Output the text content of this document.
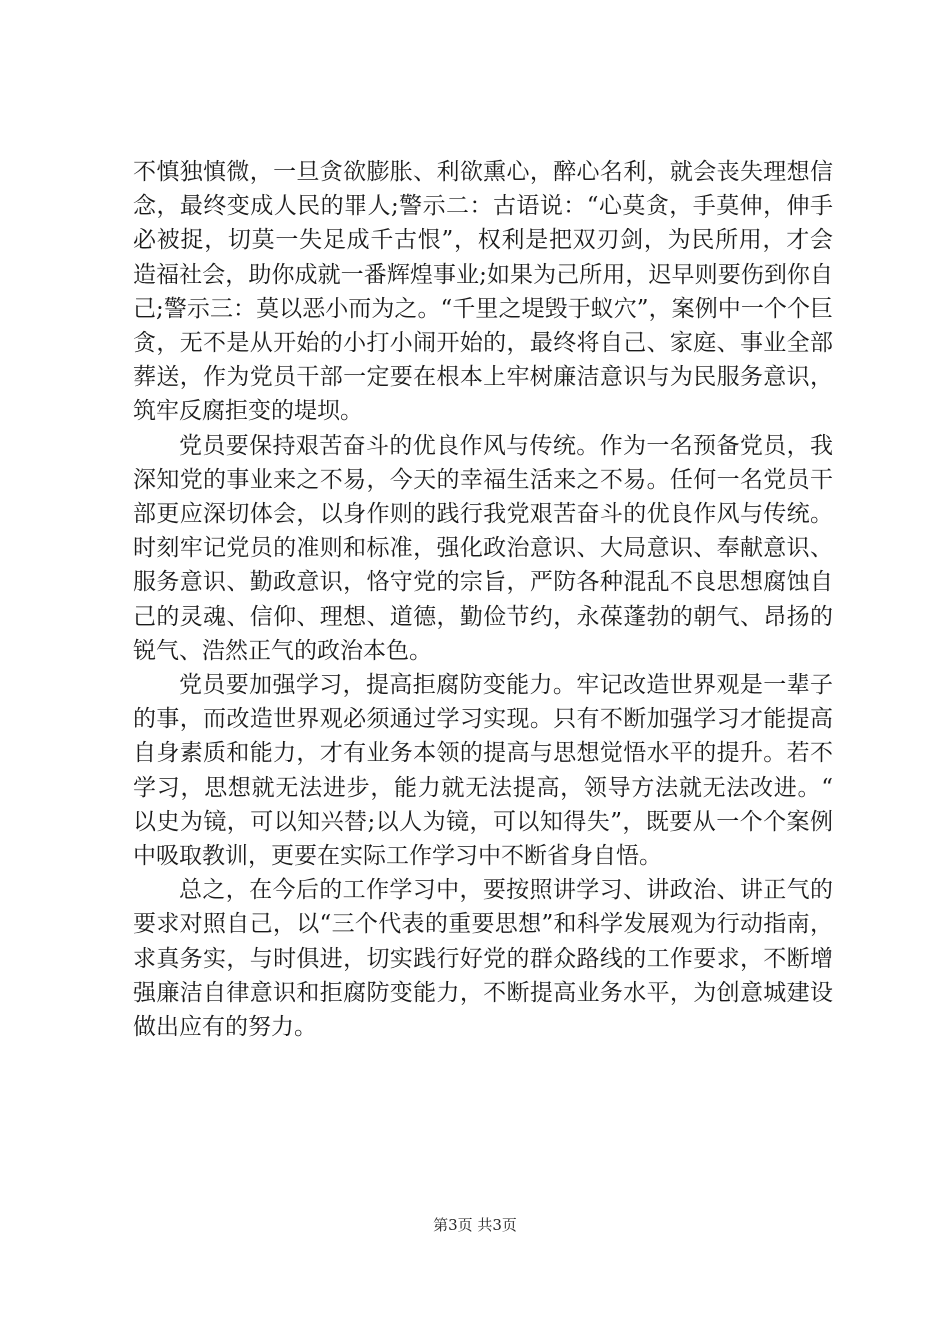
不慎独慎微，一旦贪欲膨胀、利欲熏心，醉心名利，就会丧失理想信念，最终变成人民的罪人;警示二：古语说：“心莫贪，手莫伸，伸手必被捉，切莫一失足成千古恨”，权利是把双刃剑，为民所用，才会造福社会，助你成就一番辉煌事业;如果为己所用，迟早则要伤到你自己;警示三：莫以恶小而为之。“千里之堤毁于蚁穴”，案例中一个个巨贪，无不是从开始的小打小闹开始的，最终将自己、家庭、事业全部葬送，作为党员干部一定要在根本上牢树廉洁意识与为民服务意识，筑牢反腐拒变的堤坝。

党员要保持艰苦奋斗的优良作风与传统。作为一名预备党员，我深知党的事业来之不易，今天的幸福生活来之不易。任何一名党员干部更应深切体会，以身作则的践行我党艰苦奋斗的优良作风与传统。时刻牢记党员的准则和标准，强化政治意识、大局意识、奉献意识、服务意识、勤政意识，恪守党的宗旨，严防各种混乱不良思想腐蚀自己的灵魂、信仰、理想、道德，勤俭节约，永葆蓬勃的朝气、昂扬的锐气、浩然正气的政治本色。

党员要加强学习，提高拒腐防变能力。牢记改造世界观是一辈子的事，而改造世界观必须通过学习实现。只有不断加强学习才能提高自身素质和能力，才有业务本领的提高与思想觉悟水平的提升。若不学习，思想就无法进步，能力就无法提高，领导方法就无法改进。“以史为镜，可以知兴替;以人为镜，可以知得失”，既要从一个个案例中吸取教训，更要在实际工作学习中不断省身自悟。

总之，在今后的工作学习中，要按照讲学习、讲政治、讲正气的要求对照自己，以“三个代表的重要思想”和科学发展观为行动指南，求真务实，与时俱进，切实践行好党的群众路线的工作要求，不断增强廉洁自律意识和拒腐防变能力，不断提高业务水平，为创意城建设做出应有的努力。

第3页 共3页
